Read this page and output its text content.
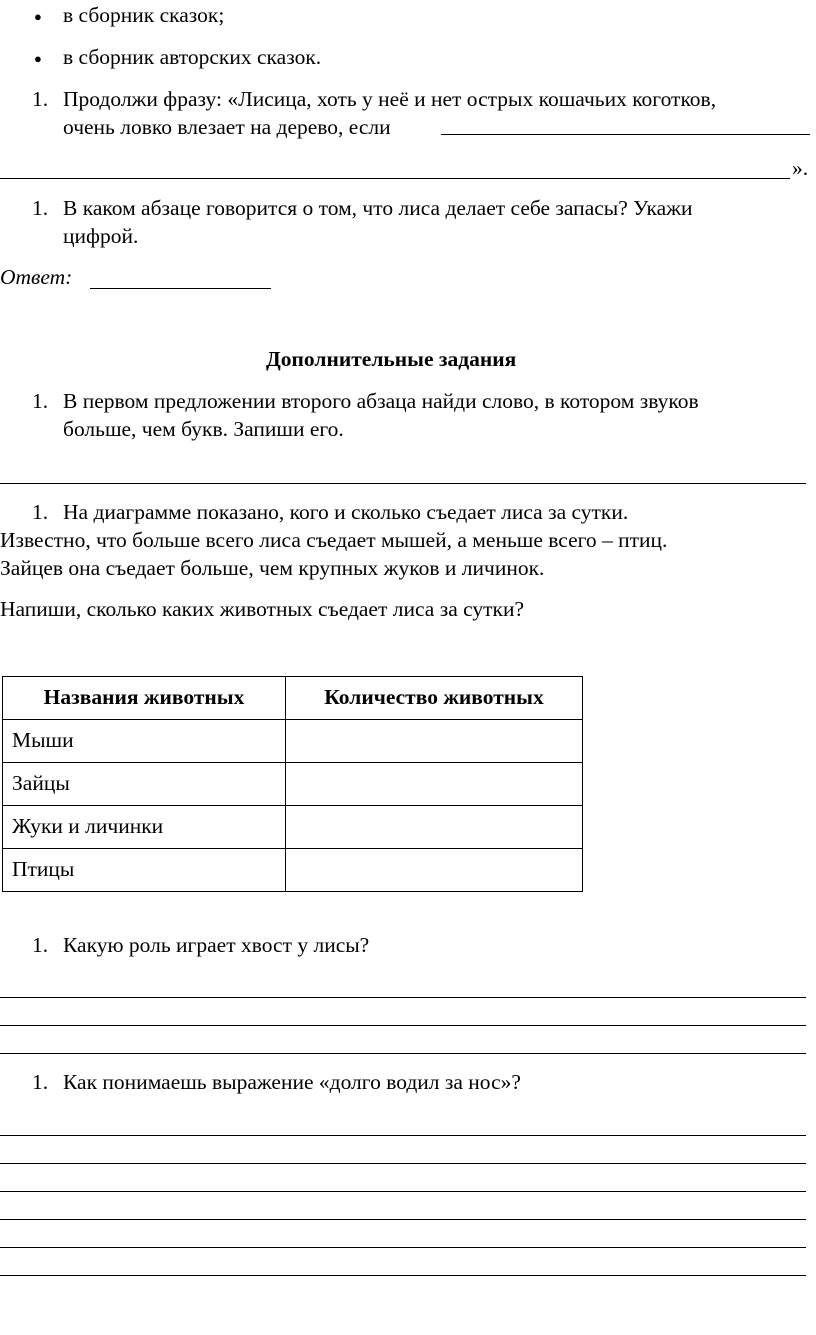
● в сборник сказок;
● в сборник авторских сказок.
1. Продолжи фразу: «Лисица, хоть у неё и нет острых кошачьих коготков,
очень ловко влезает на дерево, если
».
1. В каком абзаце говорится о том, что лиса делает себе запасы? Укажи
цифрой.
Ответ:
Дополнительные задания
1. В первом предложении второго абзаца найди слово, в котором звуков
больше, чем букв. Запиши его.
1. На диаграмме показано, кого и сколько съедает лиса за сутки.
Известно, что больше всего лиса съедает мышей, а меньше всего – птиц.
Зайцев она съедает больше, чем крупных жуков и личинок.
Напиши, сколько каких животных съедает лиса за сутки?
Названия животных	Количество животных
Мыши	
Зайцы	
Жуки и личинки	
Птицы	
1. Какую роль играет хвост у лисы?
1. Как понимаешь выражение «долго водил за нос»?
